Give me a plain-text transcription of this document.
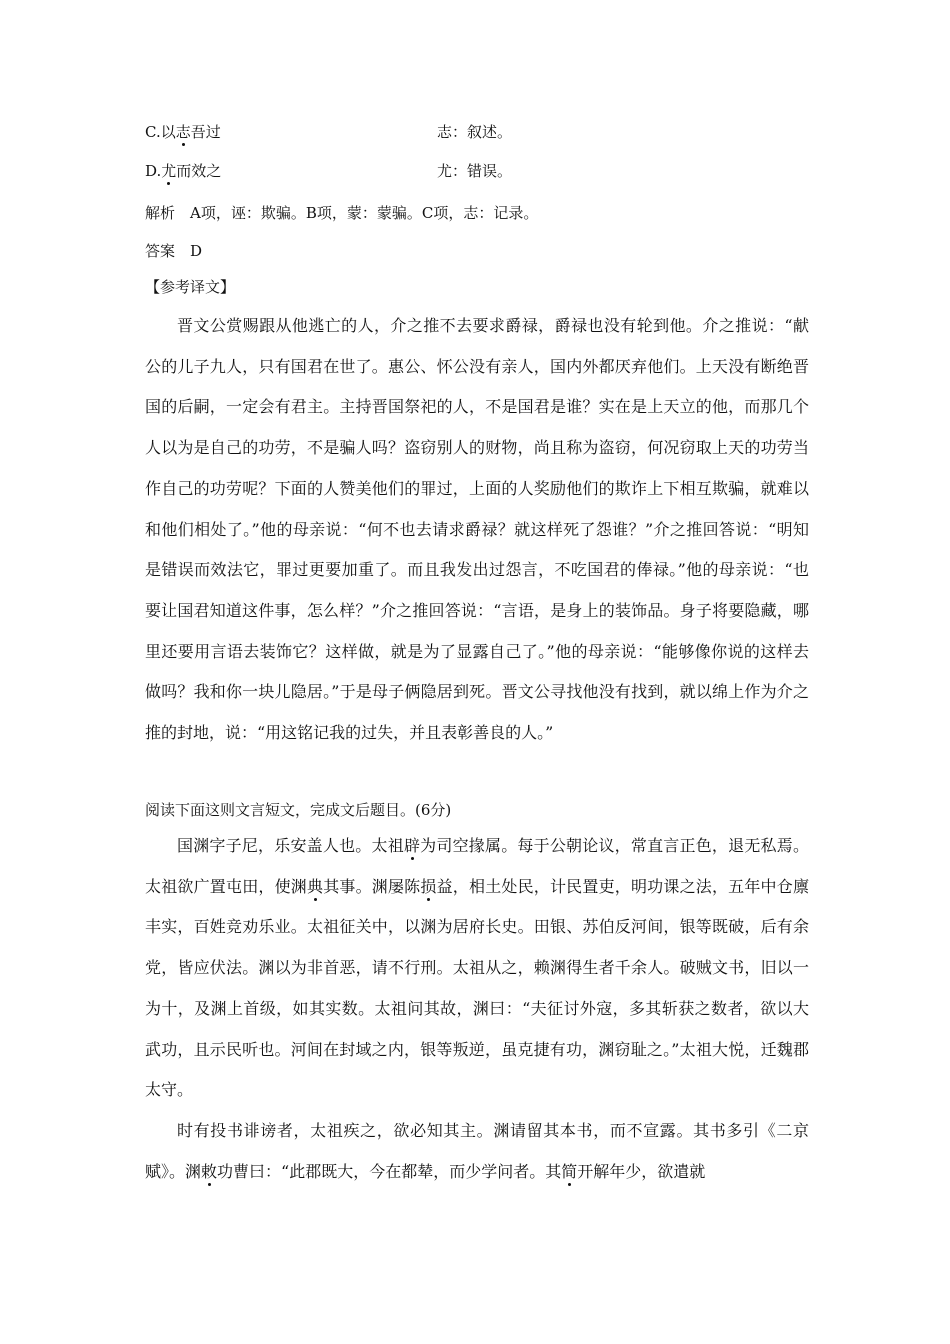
C.以志吾过	志：叙述。
D.尤而效之	尤：错误。
解析　A项，诬：欺骗。B项，蒙：蒙骗。C项，志：记录。
答案　D
【参考译文】

晋文公赏赐跟从他逃亡的人，介之推不去要求爵禄，爵禄也没有轮到他。介之推说：“献公的儿子九人，只有国君在世了。惠公、怀公没有亲人，国内外都厌弃他们。上天没有断绝晋国的后嗣，一定会有君主。主持晋国祭祀的人，不是国君是谁？实在是上天立的他，而那几个人以为是自己的功劳，不是骗人吗？盗窃别人的财物，尚且称为盗窃，何况窃取上天的功劳当作自己的功劳呢？下面的人赞美他们的罪过，上面的人奖励他们的欺诈上下相互欺骗，就难以和他们相处了。”他的母亲说：“何不也去请求爵禄？就这样死了怨谁？”介之推回答说：“明知是错误而效法它，罪过更要加重了。而且我发出过怨言，不吃国君的俸禄。”他的母亲说：“也要让国君知道这件事，怎么样？”介之推回答说：“言语，是身上的装饰品。身子将要隐藏，哪里还要用言语去装饰它？这样做，就是为了显露自己了。”他的母亲说：“能够像你说的这样去做吗？我和你一块儿隐居。”于是母子俩隐居到死。晋文公寻找他没有找到，就以绵上作为介之推的封地，说：“用这铭记我的过失，并且表彰善良的人。”

阅读下面这则文言短文，完成文后题目。(6分)

国渊字子尼，乐安盖人也。太祖辟为司空掾属。每于公朝论议，常直言正色，退无私焉。太祖欲广置屯田，使渊典其事。渊屡陈损益，相土处民，计民置吏，明功课之法，五年中仓廪丰实，百姓竞劝乐业。太祖征关中，以渊为居府长史。田银、苏伯反河间，银等既破，后有余党，皆应伏法。渊以为非首恶，请不行刑。太祖从之，赖渊得生者千余人。破贼文书，旧以一为十，及渊上首级，如其实数。太祖问其故，渊曰：“夫征讨外寇，多其斩获之数者，欲以大武功，且示民听也。河间在封域之内，银等叛逆，虽克捷有功，渊窃耻之。”太祖大悦，迁魏郡太守。

时有投书诽谤者，太祖疾之，欲必知其主。渊请留其本书，而不宣露。其书多引《二京赋》。渊敕功曹曰：“此郡既大，今在都辇，而少学问者。其简开解年少，欲遣就
